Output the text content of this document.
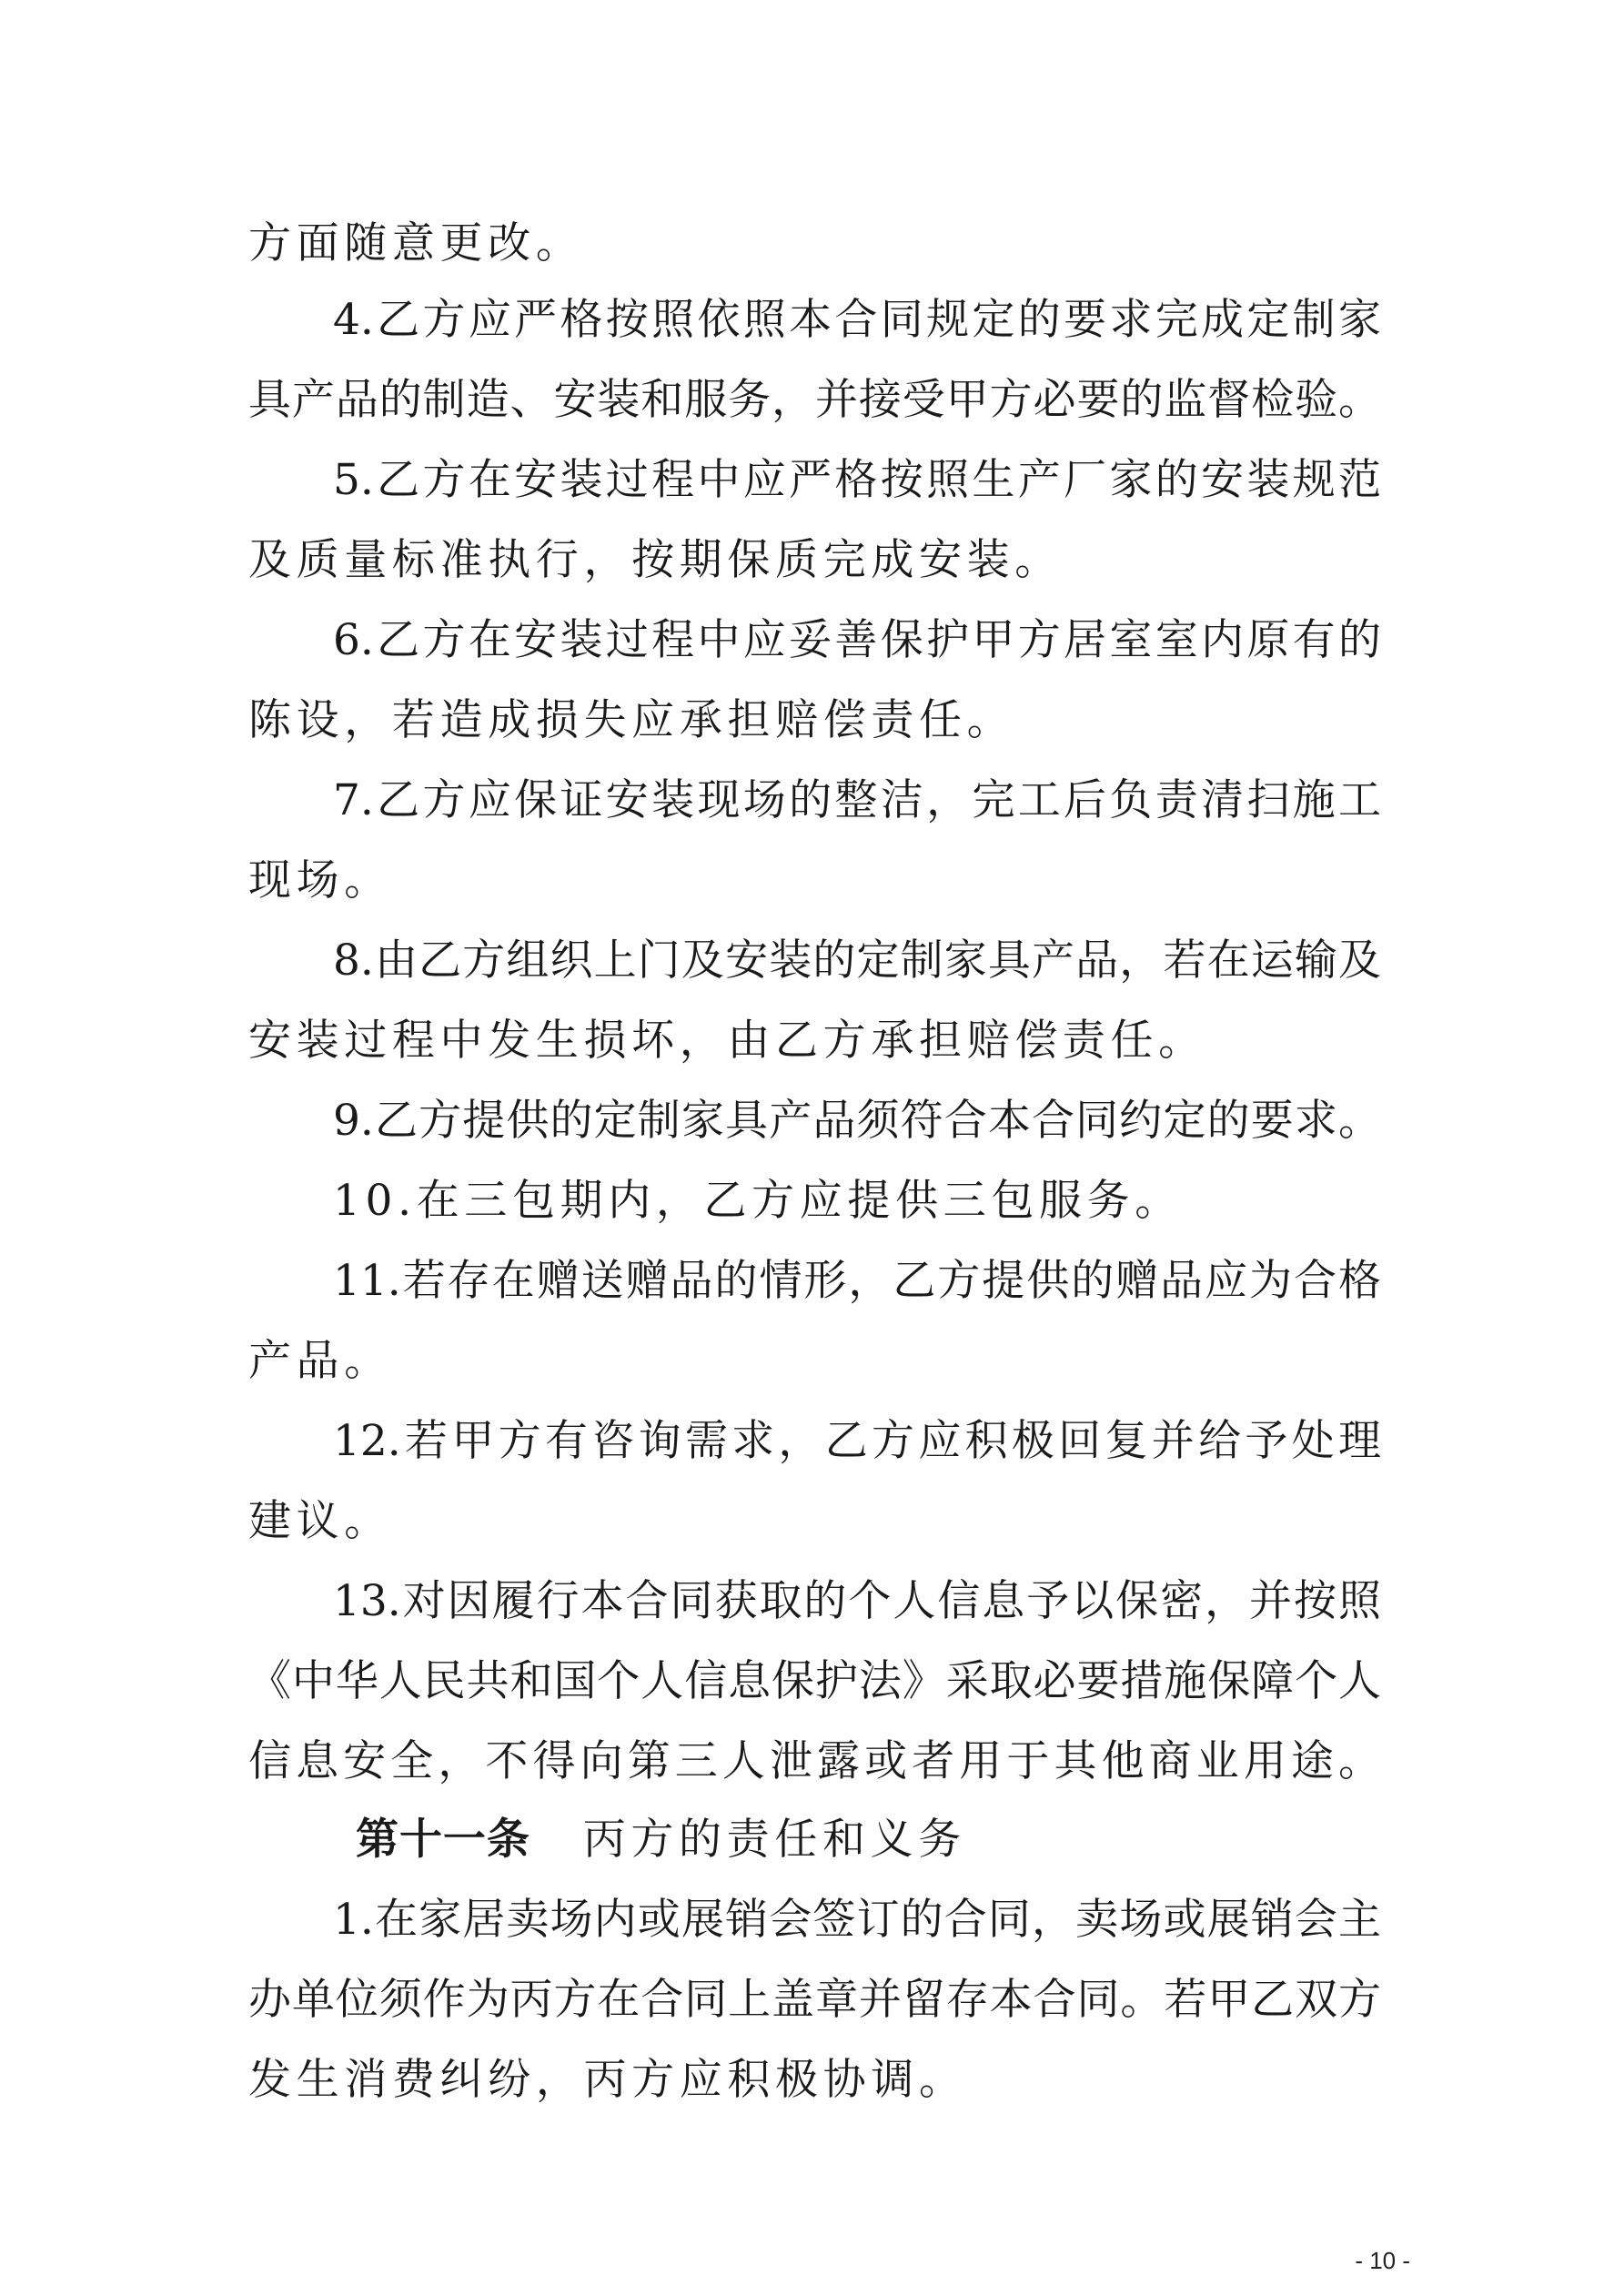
方面随意更改。
4.乙方应严格按照依照本合同规定的要求完成定制家
具产品的制造、安装和服务，并接受甲方必要的监督检验。
5.乙方在安装过程中应严格按照生产厂家的安装规范
及质量标准执行，按期保质完成安装。
6.乙方在安装过程中应妥善保护甲方居室室内原有的
陈设，若造成损失应承担赔偿责任。
7.乙方应保证安装现场的整洁，完工后负责清扫施工
现场。
8.由乙方组织上门及安装的定制家具产品，若在运输及
安装过程中发生损坏，由乙方承担赔偿责任。
9.乙方提供的定制家具产品须符合本合同约定的要求。
10.在三包期内，乙方应提供三包服务。
11.若存在赠送赠品的情形，乙方提供的赠品应为合格
产品。
12.若甲方有咨询需求，乙方应积极回复并给予处理
建议。
13.对因履行本合同获取的个人信息予以保密，并按照
《中华人民共和国个人信息保护法》采取必要措施保障个人
信息安全，不得向第三人泄露或者用于其他商业用途。
第十一条 丙方的责任和义务
1.在家居卖场内或展销会签订的合同，卖场或展销会主
办单位须作为丙方在合同上盖章并留存本合同。若甲乙双方
发生消费纠纷，丙方应积极协调。
- 10 -
